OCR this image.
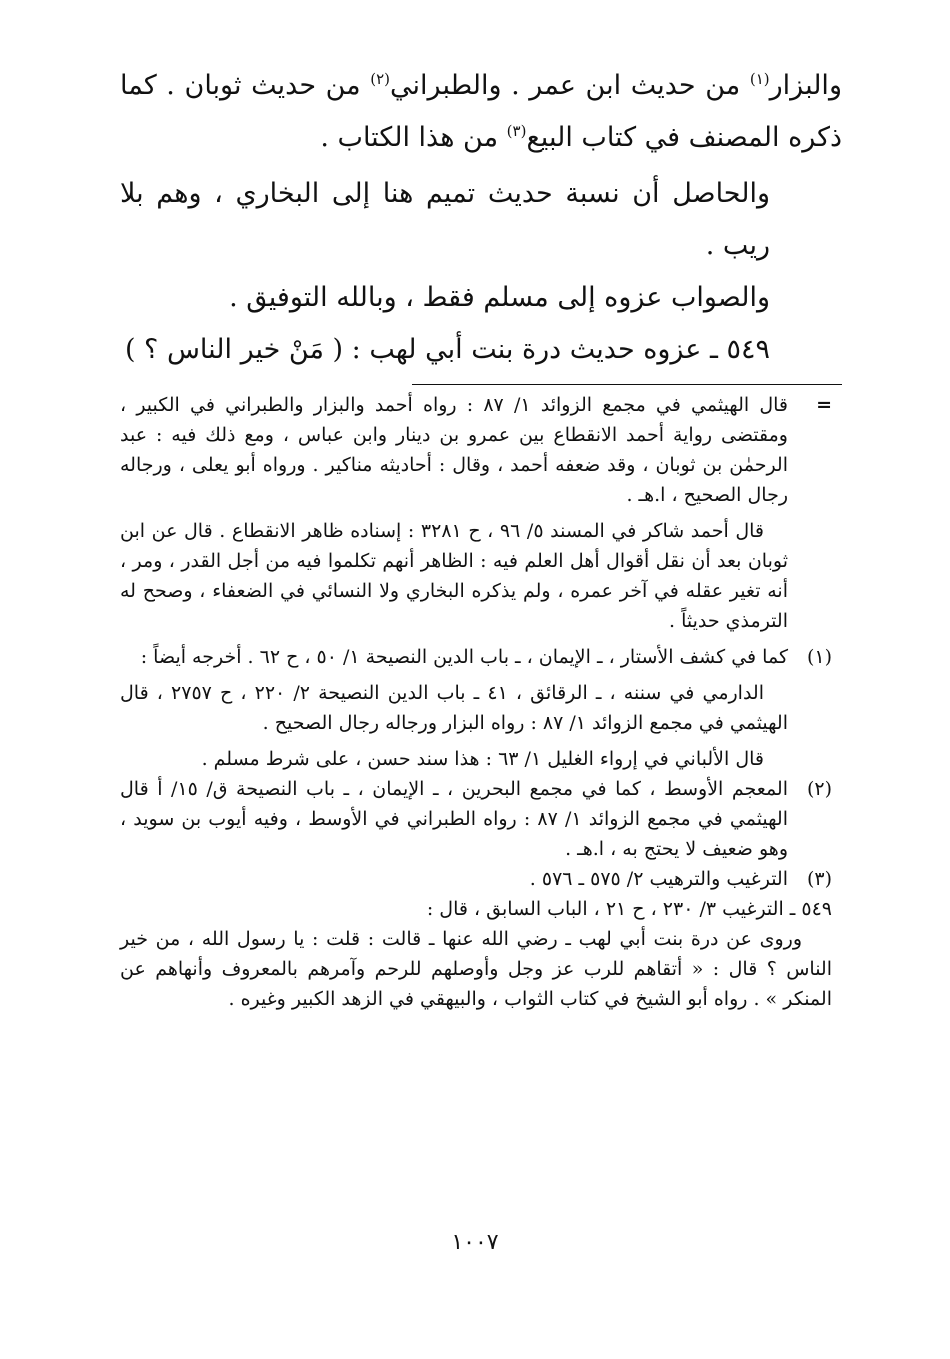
والبزار$^{(١)}$ من حديث ابن عمر . والطبراني$^{(٢)}$ من حديث ثوبان . كما ذكره المصنف في كتاب البيع$^{(٣)}$ من هذا الكتاب .

والحاصل أن نسبة حديث تميم هنا إلى البخاري ، وهم بلا ريب .

والصواب عزوه إلى مسلم فقط ، وبالله التوفيق .

٥٤٩ ـ عزوه حديث درة بنت أبي لهب : ( مَنْ خير الناس ؟ )

=
قال الهيثمي في مجمع الزوائد ١/ ٨٧ : رواه أحمد والبزار والطبراني في الكبير ، ومقتضى رواية أحمد الانقطاع بين عمرو بن دينار وابن عباس ، ومع ذلك فيه : عبد الرحمٰن بن ثوبان ، وقد ضعفه أحمد ، وقال : أحاديثه مناكير . ورواه أبو يعلى ، ورجاله رجال الصحيح ، ا.هـ .

قال أحمد شاكر في المسند ٥/ ٩٦ ، ح ٣٢٨١ : إسناده ظاهر الانقطاع . قال عن ابن ثوبان بعد أن نقل أقوال أهل العلم فيه : الظاهر أنهم تكلموا فيه من أجل القدر ، ومر ، أنه تغير عقله في آخر عمره ، ولم يذكره البخاري ولا النسائي في الضعفاء ، وصحح له الترمذي حديثاً .

(١)
كما في كشف الأستار ، ـ الإيمان ، ـ باب الدين النصيحة ١/ ٥٠ ، ح ٦٢ . أخرجه أيضاً :

الدارمي في سننه ، ـ الرقائق ، ٤١ ـ باب الدين النصيحة ٢/ ٢٢٠ ، ح ٢٧٥٧ ، قال الهيثمي في مجمع الزوائد ١/ ٨٧ : رواه البزار ورجاله رجال الصحيح .

قال الألباني في إرواء الغليل ١/ ٦٣ : هذا سند حسن ، على شرط مسلم .

(٢)
المعجم الأوسط ، كما في مجمع البحرين ، ـ الإيمان ، ـ باب النصيحة ق/ ١٥/ أ قال الهيثمي في مجمع الزوائد ١/ ٨٧ : رواه الطبراني في الأوسط ، وفيه أيوب بن سويد ، وهو ضعيف لا يحتج به ، ا.هـ .

(٣)
الترغيب والترهيب ٢/ ٥٧٥ ـ ٥٧٦ .

٥٤٩ ـ الترغيب ٣/ ٢٣٠ ، ح ٢١ ، الباب السابق ، قال :

وروى عن درة بنت أبي لهب ـ رضي الله عنها ـ قالت : قلت : يا رسول الله ، من خير الناس ؟ قال : « أتقاهم للرب عز وجل وأوصلهم للرحم وآمرهم بالمعروف وأنهاهم عن المنكر » . رواه أبو الشيخ في كتاب الثواب ، والبيهقي في الزهد الكبير وغيره .

١٠٠٧
